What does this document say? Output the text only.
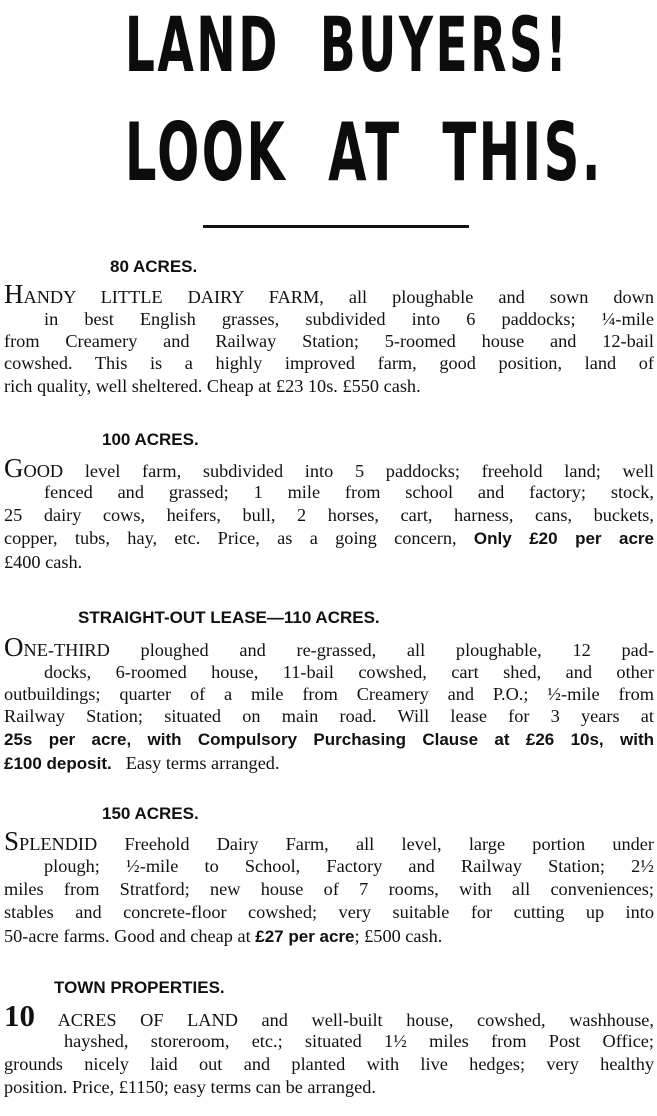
LAND BUYERS!
LOOK AT THIS.
80 ACRES.
HANDY LITTLE DAIRY FARM, all ploughable and sown down
in best English grasses, subdivided into 6 paddocks; ¼-mile
from Creamery and Railway Station; 5-roomed house and 12-bail
cowshed. This is a highly improved farm, good position, land of
rich quality, well sheltered. Cheap at £23 10s. £550 cash.
100 ACRES.
GOOD level farm, subdivided into 5 paddocks; freehold land; well
fenced and grassed; 1 mile from school and factory; stock,
25 dairy cows, heifers, bull, 2 horses, cart, harness, cans, buckets,
copper, tubs, hay, etc. Price, as a going concern, Only £20 per acre
£400 cash.
STRAIGHT-OUT LEASE—110 ACRES.
ONE-THIRD ploughed and re-grassed, all ploughable, 12 pad-
docks, 6-roomed house, 11-bail cowshed, cart shed, and other
outbuildings; quarter of a mile from Creamery and P.O.; ½-mile from
Railway Station; situated on main road. Will lease for 3 years at
25s per acre, with Compulsory Purchasing Clause at £26 10s, with
£100 deposit. Easy terms arranged.
150 ACRES.
SPLENDID Freehold Dairy Farm, all level, large portion under
plough; ½-mile to School, Factory and Railway Station; 2½
miles from Stratford; new house of 7 rooms, with all conveniences;
stables and concrete-floor cowshed; very suitable for cutting up into
50-acre farms. Good and cheap at £27 per acre; £500 cash.
TOWN PROPERTIES.
10 ACRES OF LAND and well-built house, cowshed, washhouse,
hayshed, storeroom, etc.; situated 1½ miles from Post Office;
grounds nicely laid out and planted with live hedges; very healthy
position. Price, £1150; easy terms can be arranged.
